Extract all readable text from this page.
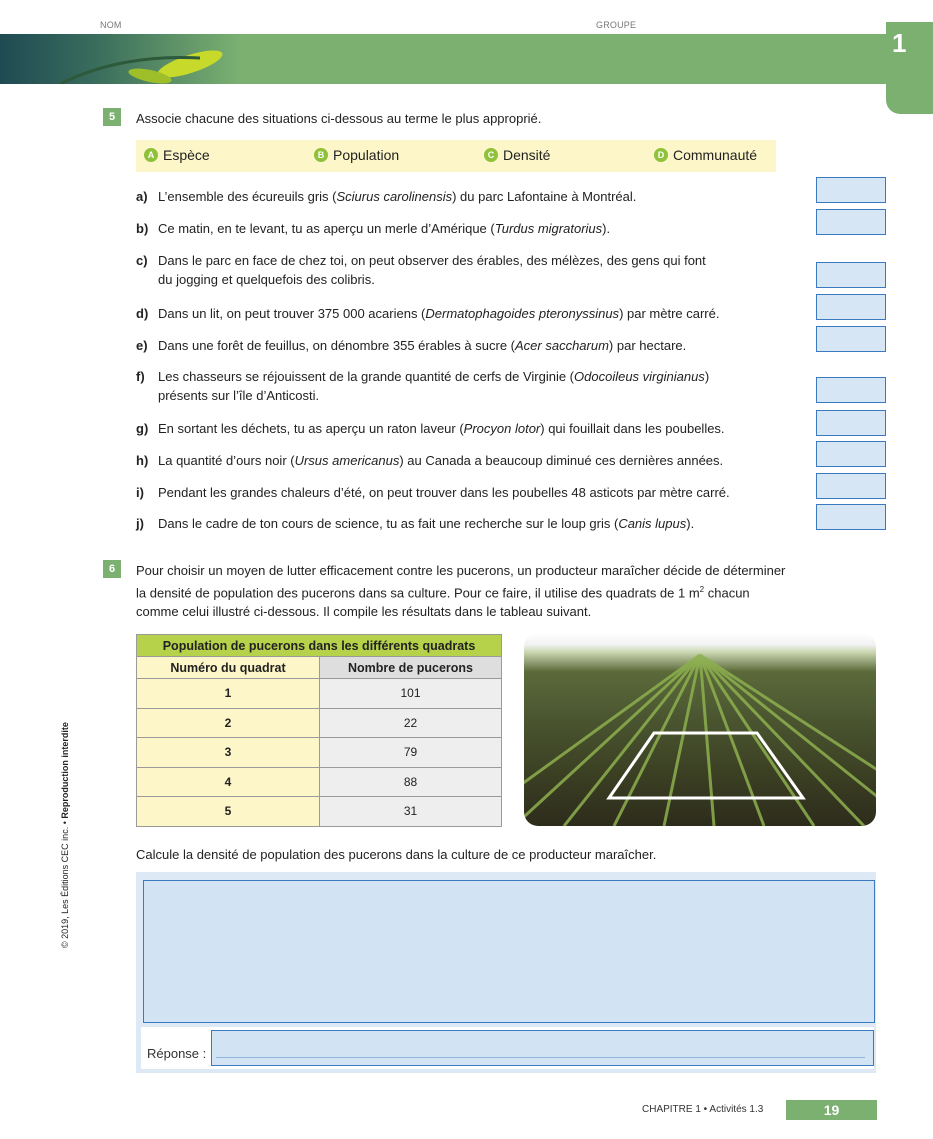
NOM	GROUPE
1
© 2019, Les Éditions CEC inc. • Reproduction interdite
5	Associe chacune des situations ci-dessous au terme le plus approprié.
A Espèce	B Population	C Densité	D Communauté
a) L’ensemble des écureuils gris (Sciurus carolinensis) du parc Lafontaine à Montréal.
b) Ce matin, en te levant, tu as aperçu un merle d’Amérique (Turdus migratorius).
c) Dans le parc en face de chez toi, on peut observer des érables, des mélèzes, des gens qui font
du jogging et quelquefois des colibris.
d) Dans un lit, on peut trouver 375 000 acariens (Dermatophagoides pteronyssinus) par mètre carré.
e) Dans une forêt de feuillus, on dénombre 355 érables à sucre (Acer saccharum) par hectare.
f) Les chasseurs se réjouissent de la grande quantité de cerfs de Virginie (Odocoileus virginianus)
présents sur l’île d’Anticosti.
g) En sortant les déchets, tu as aperçu un raton laveur (Procyon lotor) qui fouillait dans les poubelles.
h) La quantité d’ours noir (Ursus americanus) au Canada a beaucoup diminué ces dernières années.
i) Pendant les grandes chaleurs d’été, on peut trouver dans les poubelles 48 asticots par mètre carré.
j) Dans le cadre de ton cours de science, tu as fait une recherche sur le loup gris (Canis lupus).
6	Pour choisir un moyen de lutter efficacement contre les pucerons, un producteur maraîcher décide de déterminer
la densité de population des pucerons dans sa culture. Pour ce faire, il utilise des quadrats de 1 $m^2$ chacun
comme celui illustré ci-dessous. Il compile les résultats dans le tableau suivant.
Population de pucerons dans les différents quadrats	
Numéro du quadrat	Nombre de pucerons
1	101
2	22
3	79
4	88
5	31
Calcule la densité de population des pucerons dans la culture de ce producteur maraîcher.
Réponse :
CHAPITRE 1 • Activités 1.3	19
